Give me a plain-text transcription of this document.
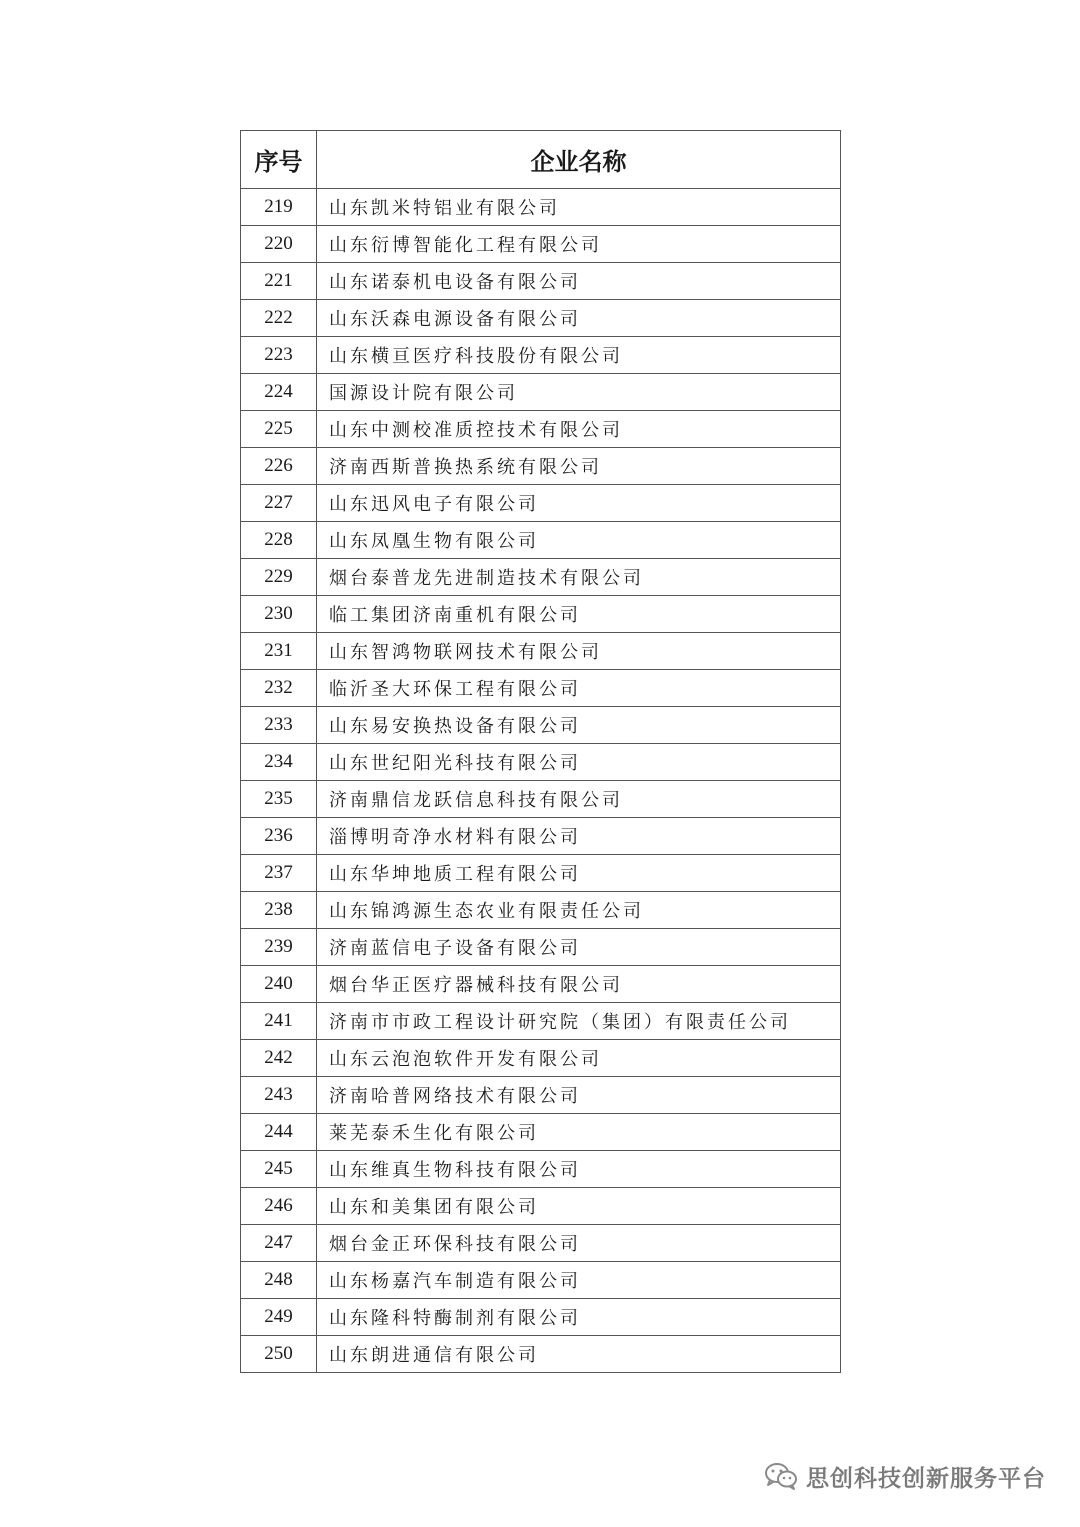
序号	企业名称
219	山东凯米特铝业有限公司
220	山东衍博智能化工程有限公司
221	山东诺泰机电设备有限公司
222	山东沃森电源设备有限公司
223	山东横亘医疗科技股份有限公司
224	国源设计院有限公司
225	山东中测校准质控技术有限公司
226	济南西斯普换热系统有限公司
227	山东迅风电子有限公司
228	山东凤凰生物有限公司
229	烟台泰普龙先进制造技术有限公司
230	临工集团济南重机有限公司
231	山东智鸿物联网技术有限公司
232	临沂圣大环保工程有限公司
233	山东易安换热设备有限公司
234	山东世纪阳光科技有限公司
235	济南鼎信龙跃信息科技有限公司
236	淄博明奇净水材料有限公司
237	山东华坤地质工程有限公司
238	山东锦鸿源生态农业有限责任公司
239	济南蓝信电子设备有限公司
240	烟台华正医疗器械科技有限公司
241	济南市市政工程设计研究院（集团）有限责任公司
242	山东云泡泡软件开发有限公司
243	济南哈普网络技术有限公司
244	莱芜泰禾生化有限公司
245	山东维真生物科技有限公司
246	山东和美集团有限公司
247	烟台金正环保科技有限公司
248	山东杨嘉汽车制造有限公司
249	山东隆科特酶制剂有限公司
250	山东朗进通信有限公司
思创科技创新服务平台
